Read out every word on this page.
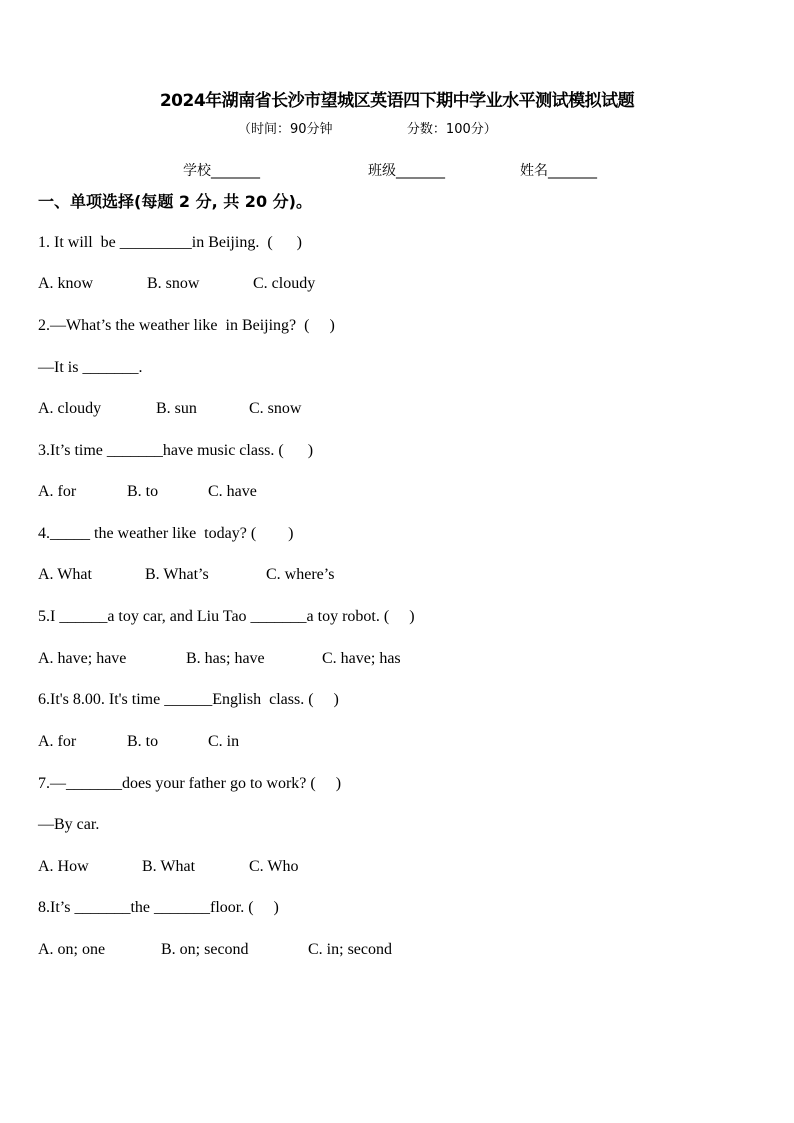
2024年湖南省长沙市望城区英语四下期中学业水平测试模拟试题
（时间：90分钟                  分数：100分）
学校_______	班级_______	姓名_______
一、单项选择(每题 2 分, 共 20 分)。
1. It will  be _________in Beijing.  (      )
A. know	B. snow	C. cloudy
2.—What’s the weather like  in Beijing?  (     )
—It is _______.
A. cloudy	B. sun	C. snow
3.It’s time _______have music class. (      )
A. for	B. to	C. have
4._____ the weather like  today? (        )
A. What	B. What’s	C. where’s
5.I ______a toy car, and Liu Tao _______a toy robot. (     )
A. have; have	B. has; have	C. have; has
6.It's 8.00. It's time ______English  class. (     )
A. for	B. to	C. in
7.—_______does your father go to work? (     )
—By car.
A. How	B. What	C. Who
8.It’s _______the _______floor. (     )
A. on; one	B. on; second	C. in; second
